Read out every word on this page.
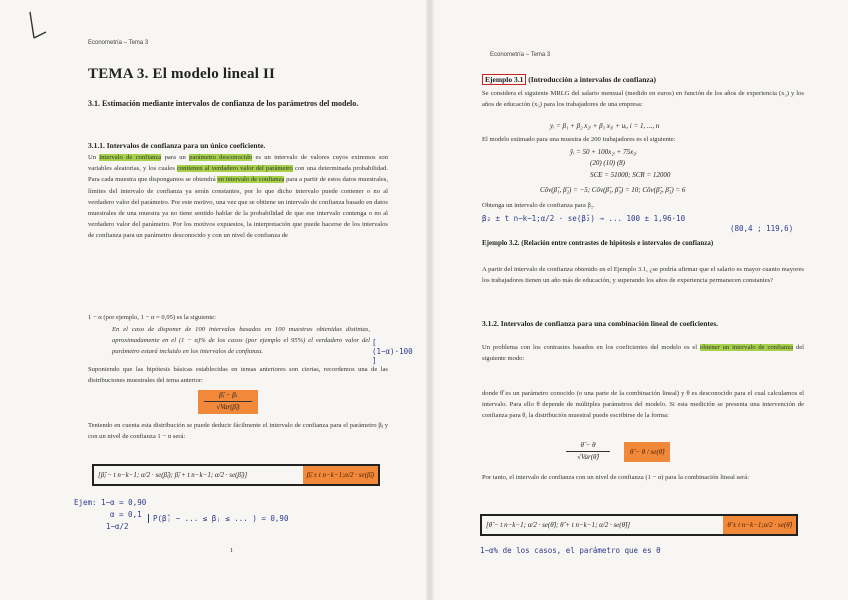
Econometría – Tema 3
TEMA 3. El modelo lineal II
3.1. Estimación mediante intervalos de confianza de los parámetros del modelo.
3.1.1. Intervalos de confianza para un único coeficiente.
Un intervalo de confianza para un parámetro desconocido es un intervalo de valores cuyos extremos son variables aleatorias, y los cuales contienen al verdadero valor del parámetro con una determinada probabilidad. Para cada muestra que dispongamos se obtendrá un intervalo de confianza para a partir de estos datos muestrales, límites del intervalo de confianza ya serán constantes, por lo que dicho intervalo puede contener o no al verdadero valor del parámetro. Por este motivo, una vez que se obtiene un intervalo de confianza basado en datos muestrales de una muestra ya no tiene sentido hablar de la probabilidad de que ese intervalo contenga o no al verdadero valor del parámetro. Por los motivos expuestos, la interpretación que puede hacerse de los intervalos de confianza para un parámetro desconocido y con un nivel de confianza de
1 − α (por ejemplo, 1 − α = 0,95) es la siguiente:
En el caso de disponer de 100 intervalos basados en 100 muestras obtenidas distintas, aproximadamente en el (1 − α)% de los casos (por ejemplo el 95%) el verdadero valor del parámetro estará incluido en los intervalos de confianza.
[ (1−α)·100 ]
Suponiendo que las hipótesis básicas establecidas en temas anteriores son ciertas, recordemos una de las distribuciones muestrales del tema anterior:
β̂ⱼ − βⱼ
√Var(β̂ⱼ)
Teniendo en cuenta esta distribución se puede deducir fácilmente el intervalo de confianza para el parámetro βⱼ y con un nivel de confianza 1 − α será:
[β̂ⱼ − t n−k−1; α/2 · se(β̂ⱼ); β̂ⱼ + t n−k−1; α/2 · se(β̂ⱼ)]	β̂ⱼ ± t n−k−1;α/2 · se(β̂ⱼ)
Ejem: 1−α = 0,90
α = 0,1
1−α/2
P(β̂ⱼ − ... ≤ βⱼ ≤ ... ) = 0,90
1
Econometría – Tema 3
Ejemplo 3.1 (Introducción a intervalos de confianza)
Se considera el siguiente MRLG del salario mensual (medido en euros) en función de los años de experiencia (x₂) y los años de educación (x₃) para los trabajadores de una empresa:
yᵢ = β₁ + β₂ x₂ᵢ + β₃ x₃ᵢ + uᵢ, i = 1, ..., n
El modelo estimado para una muestra de 200 trabajadores es el siguiente:
ŷᵢ = 50 + 100x₂ᵢ + 75x₃ᵢ
(20) (10) (8)
SCE = 51000; SCR = 12000
Côv(β̂₁, β̂₂) = −5; Côv(β̂₁, β̂₃) = 10; Côv(β̂₂, β̂₃) = 6
Obtenga un intervalo de confianza para β₂.
β₂ ± t n−k−1;α/2 · se(β̂₂) → ... 100 ± 1,96·10
(80,4 ; 119,6)
Ejemplo 3.2. (Relación entre contrastes de hipótesis e intervalos de confianza)
A partir del intervalo de confianza obtenido en el Ejemplo 3.1, ¿se podría afirmar que el salario es mayor cuanto mayores los trabajadores tienen un año más de educación, y superando los años de experiencia permanecen constantes?
3.1.2. Intervalos de confianza para una combinación lineal de coeficientes.
Un problema con los contrastes basados en los coeficientes del modelo es el obtener un intervalo de confianza del siguiente modo:
donde θ̂ es un parámetro conocido (o una parte de la combinación lineal) y θ es desconocido para el cual calculamos el intervalo. Para ello θ depende de múltiples parámetros del modelo. Si esta medición se presenta una intervención de confianza para θ, la distribución muestral puede escribirse de la forma:
θ̂ − θ
√Var(θ̂)
θ̂ − θ / se(θ̂)
Por tanto, el intervalo de confianza con un nivel de confianza (1 − α) para la combinación lineal será:
[θ̂ − t n−k−1; α/2 · se(θ̂); θ̂ + t n−k−1; α/2 · se(θ̂)]	θ̂ ± t n−k−1;α/2 · se(θ̂)
1−α% de los casos, el parámetro que es θ
